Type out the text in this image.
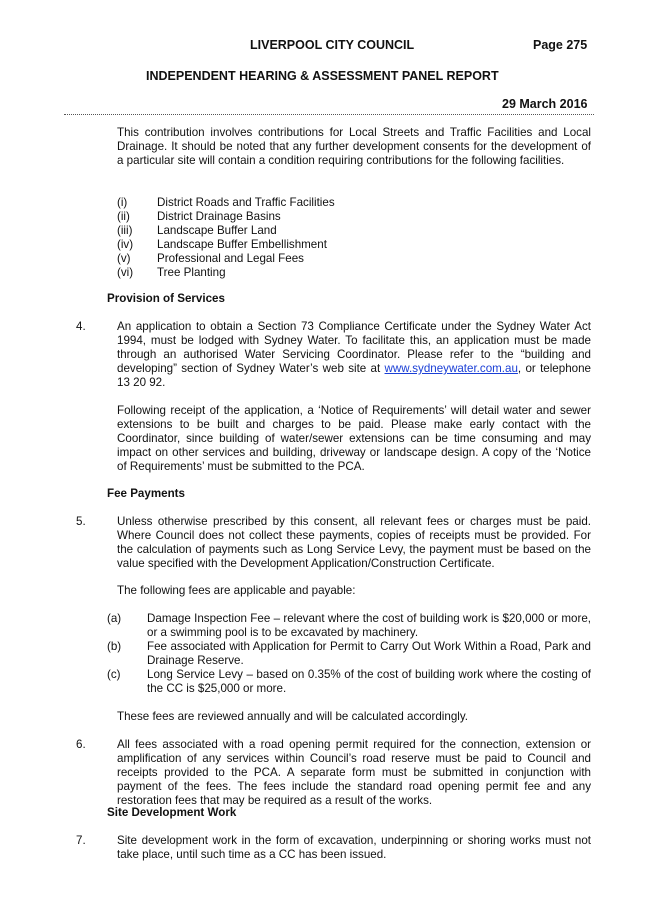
LIVERPOOL CITY COUNCIL	Page 275
INDEPENDENT HEARING & ASSESSMENT PANEL REPORT
29 March 2016
This contribution involves contributions for Local Streets and Traffic Facilities and Local Drainage. It should be noted that any further development consents for the development of a particular site will contain a condition requiring contributions for the following facilities.
(i)	District Roads and Traffic Facilities
(ii) District Drainage Basins
(iii) Landscape Buffer Land
(iv) Landscape Buffer Embellishment
(v) Professional and Legal Fees
(vi) Tree Planting
Provision of Services
4.	An application to obtain a Section 73 Compliance Certificate under the Sydney Water Act 1994, must be lodged with Sydney Water. To facilitate this, an application must be made through an authorised Water Servicing Coordinator. Please refer to the “building and developing” section of Sydney Water’s web site at www.sydneywater.com.au, or telephone 13 20 92.
Following receipt of the application, a ‘Notice of Requirements’ will detail water and sewer extensions to be built and charges to be paid. Please make early contact with the Coordinator, since building of water/sewer extensions can be time consuming and may impact on other services and building, driveway or landscape design. A copy of the ‘Notice of Requirements’ must be submitted to the PCA.
Fee Payments
5.	Unless otherwise prescribed by this consent, all relevant fees or charges must be paid. Where Council does not collect these payments, copies of receipts must be provided. For the calculation of payments such as Long Service Levy, the payment must be based on the value specified with the Development Application/Construction Certificate.
The following fees are applicable and payable:
(a) Damage Inspection Fee – relevant where the cost of building work is $20,000 or more, or a swimming pool is to be excavated by machinery.
(b) Fee associated with Application for Permit to Carry Out Work Within a Road, Park and Drainage Reserve.
(c) Long Service Levy – based on 0.35% of the cost of building work where the costing of the CC is $25,000 or more.
These fees are reviewed annually and will be calculated accordingly.
6.	All fees associated with a road opening permit required for the connection, extension or amplification of any services within Council’s road reserve must be paid to Council and receipts provided to the PCA. A separate form must be submitted in conjunction with payment of the fees. The fees include the standard road opening permit fee and any restoration fees that may be required as a result of the works.
Site Development Work
7.	Site development work in the form of excavation, underpinning or shoring works must not take place, until such time as a CC has been issued.
